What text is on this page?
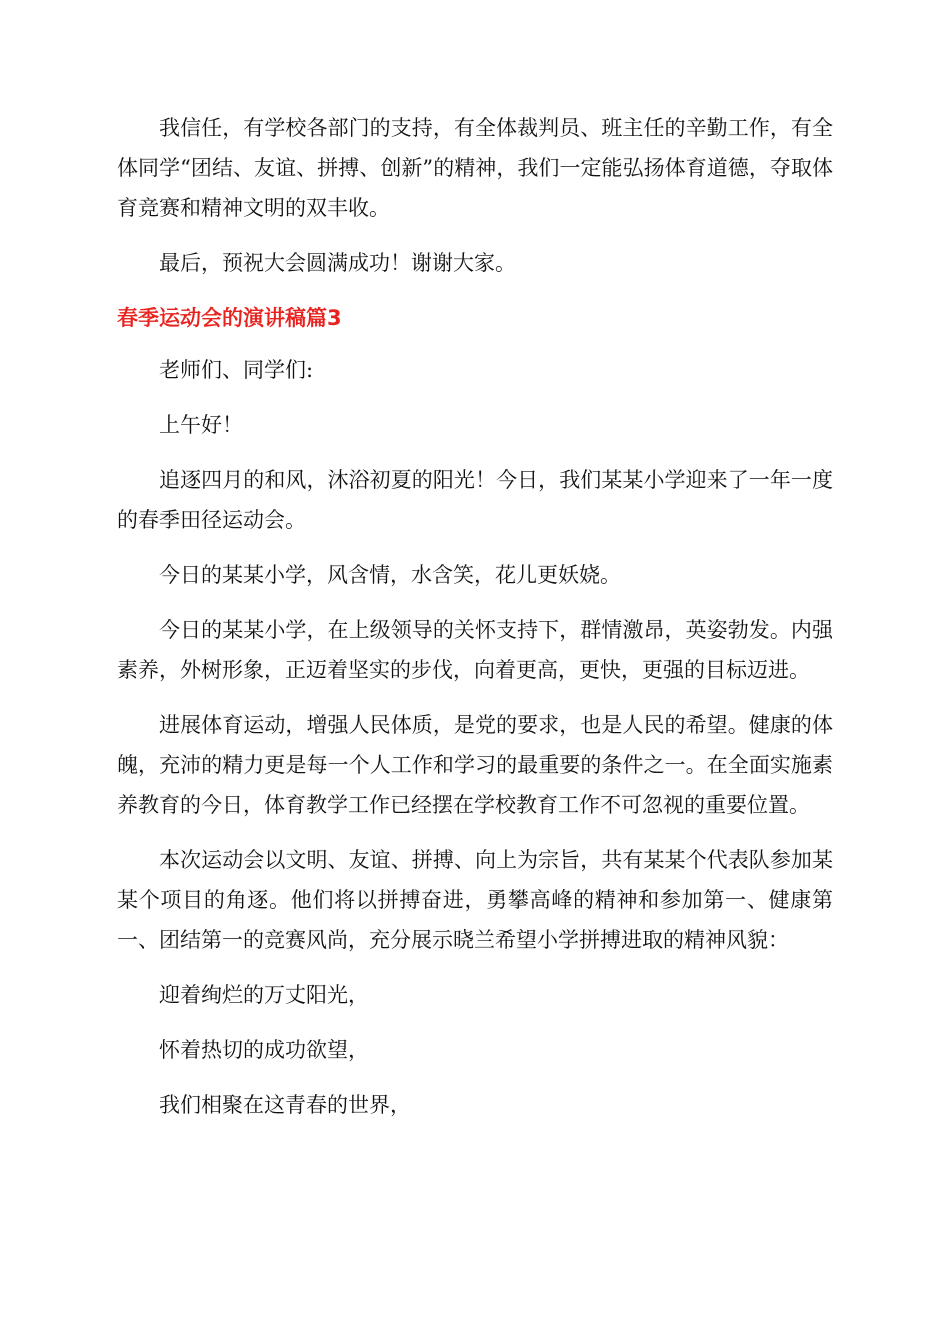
我信任，有学校各部门的支持，有全体裁判员、班主任的辛勤工作，有全体同学“团结、友谊、拼搏、创新”的精神，我们一定能弘扬体育道德，夺取体育竞赛和精神文明的双丰收。

最后，预祝大会圆满成功！谢谢大家。

春季运动会的演讲稿篇3

老师们、同学们:

上午好！

追逐四月的和风，沐浴初夏的阳光！今日，我们某某小学迎来了一年一度的春季田径运动会。

今日的某某小学，风含情，水含笑，花儿更妖娆。

今日的某某小学，在上级领导的关怀支持下，群情激昂，英姿勃发。内强素养，外树形象，正迈着坚实的步伐，向着更高，更快，更强的目标迈进。

进展体育运动，增强人民体质，是党的要求，也是人民的希望。健康的体魄，充沛的精力更是每一个人工作和学习的最重要的条件之一。在全面实施素养教育的今日，体育教学工作已经摆在学校教育工作不可忽视的重要位置。

本次运动会以文明、友谊、拼搏、向上为宗旨，共有某某个代表队参加某某个项目的角逐。他们将以拼搏奋进，勇攀高峰的精神和参加第一、健康第一、团结第一的竞赛风尚，充分展示晓兰希望小学拼搏进取的精神风貌：

迎着绚烂的万丈阳光，

怀着热切的成功欲望，

我们相聚在这青春的世界，
